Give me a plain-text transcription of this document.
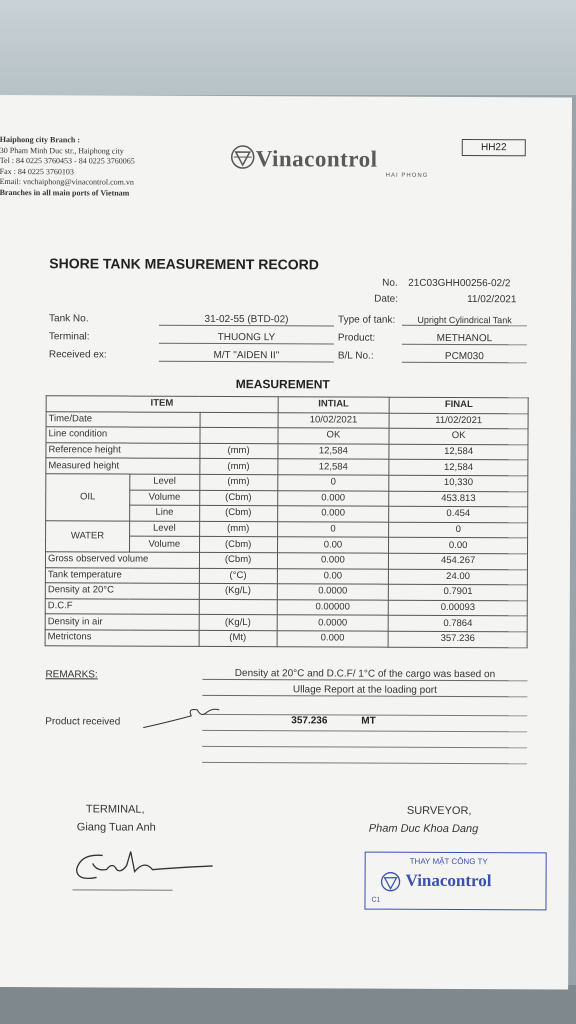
Haiphong city Branch :
30 Pham Minh Duc str., Haiphong city
Tel : 84 0225 3760453 - 84 0225 3760065
Fax : 84 0225 3760103
Email: vnchaiphong@vinacontrol.com.vn
Branches in all main ports of Vietnam
Vinacontrol
HAI PHONG
HH22
SHORE TANK MEASUREMENT RECORD
No. 21C03GHH00256-02/2
Date:	11/02/2021
Tank No.	31-02-55 (BTD-02)
Terminal:	THUONG LY
Received ex:	M/T "AIDEN II"
Type of tank:	Upright Cylindrical Tank
Product:	METHANOL
B/L No.:	PCM030
MEASUREMENT
ITEM			INTIAL	FINAL
Time/Date			10/02/2021	11/02/2021
Line condition			OK	OK
Reference height		(mm)	12,584	12,584
Measured height		(mm)	12,584	12,584
OIL	Level	(mm)	0	10,330
	Volume	(Cbm)	0.000	453.813
	Line	(Cbm)	0.000	0.454
WATER	Level	(mm)	0	0
	Volume	(Cbm)	0.00	0.00
Gross observed volume		(Cbm)	0.000	454.267
Tank temperature		(°C)	0.00	24.00
Density at 20°C		(Kg/L)	0.0000	0.7901
D.C.F			0.00000	0.00093
Density in air		(Kg/L)	0.0000	0.7864
Metrictons		(Mt)	0.000	357.236
REMARKS:	Density at 20°C and D.C.F/ 1°C of the cargo was based on
Ullage Report at the loading port
Product received	357.236	MT
TERMINAL,
Giang Tuan Anh
SURVEYOR,
Pham Duc Khoa Dang
THAY MẶT CÔNG TY
Vinacontrol
C1
